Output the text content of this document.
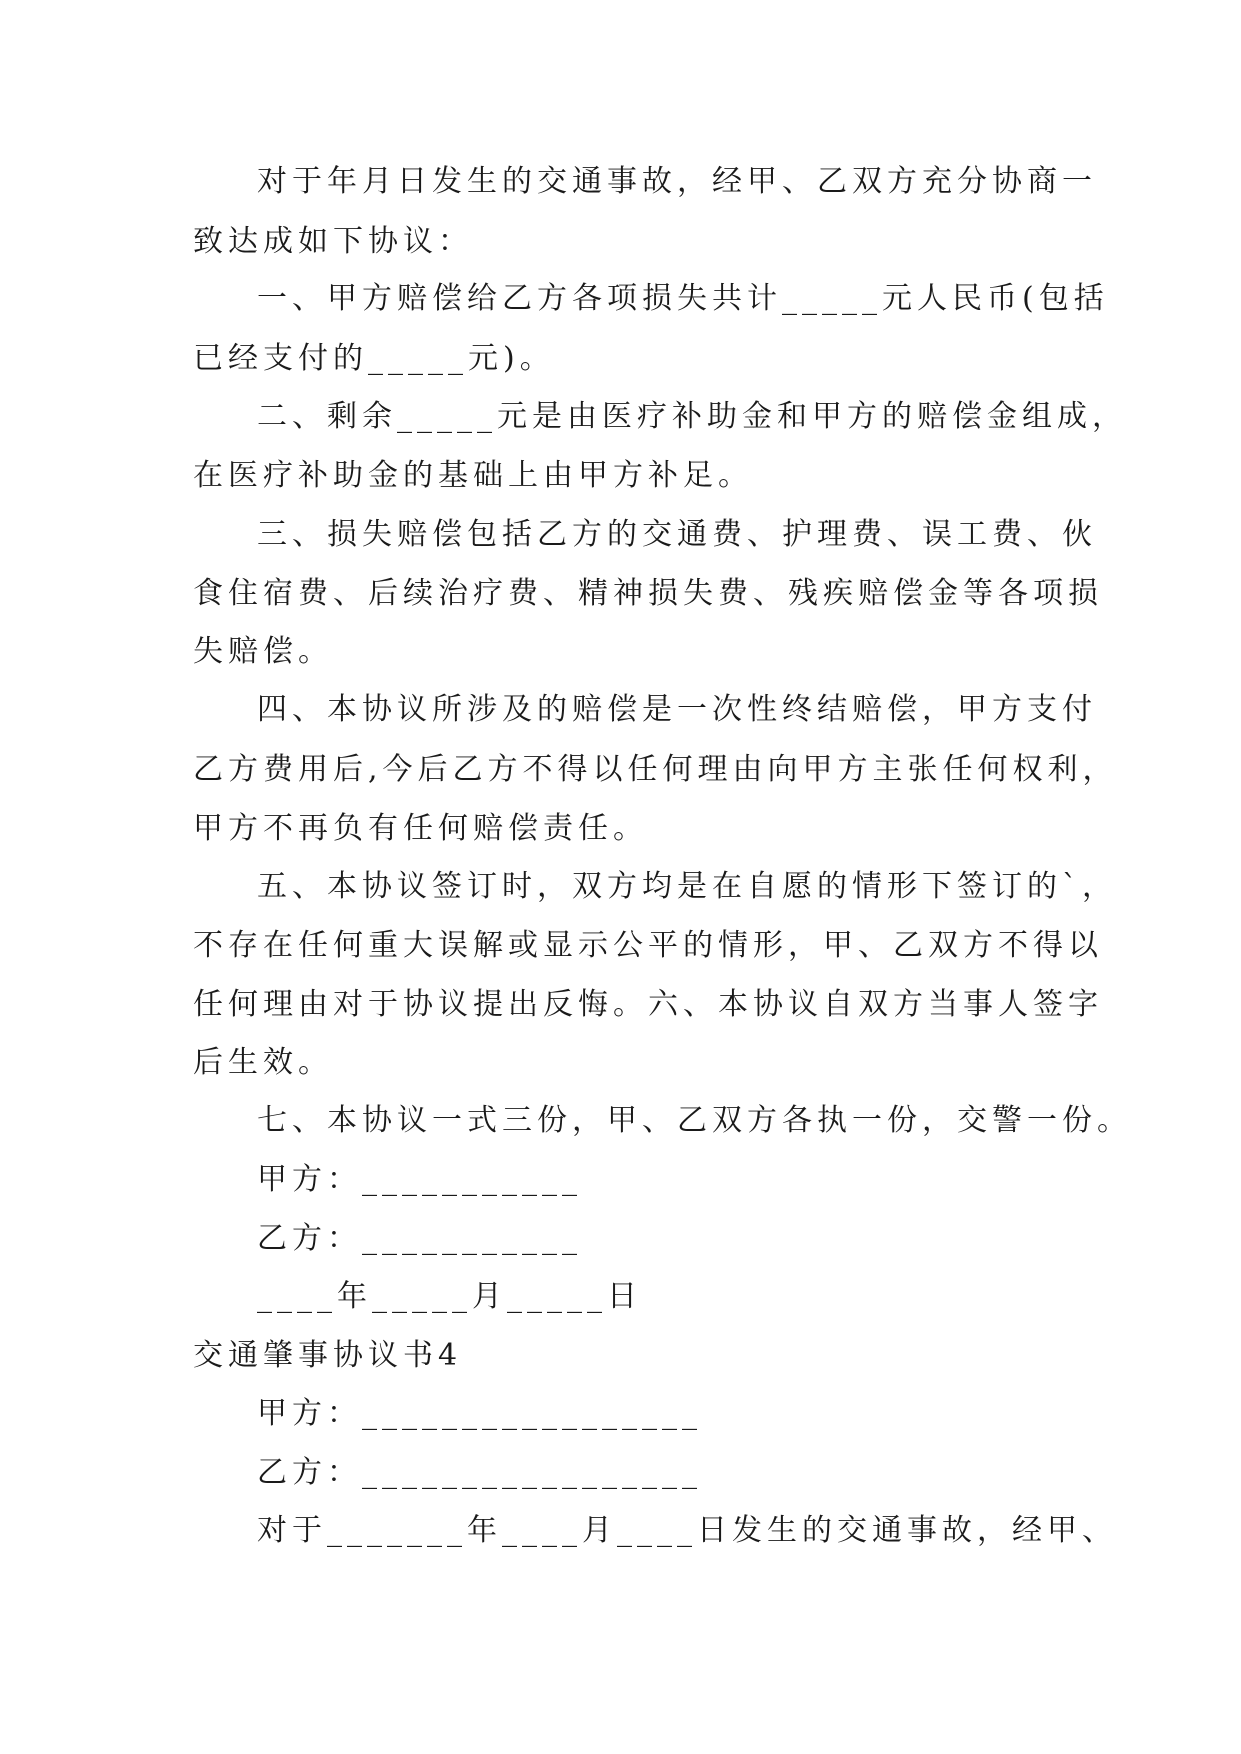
对于年月日发生的交通事故，经甲、乙双方充分协商一
致达成如下协议：
一、甲方赔偿给乙方各项损失共计_____元人民币(包括
已经支付的_____元)。
二、剩余_____元是由医疗补助金和甲方的赔偿金组成，
在医疗补助金的基础上由甲方补足。
三、损失赔偿包括乙方的交通费、护理费、误工费、伙
食住宿费、后续治疗费、精神损失费、残疾赔偿金等各项损
失赔偿。
四、本协议所涉及的赔偿是一次性终结赔偿，甲方支付
乙方费用后,今后乙方不得以任何理由向甲方主张任何权利，
甲方不再负有任何赔偿责任。
五、本协议签订时，双方均是在自愿的情形下签订的`，
不存在任何重大误解或显示公平的情形，甲、乙双方不得以
任何理由对于协议提出反悔。六、本协议自双方当事人签字
后生效。
七、本协议一式三份，甲、乙双方各执一份，交警一份。
甲方：___________
乙方：___________
____年_____月_____日
交通肇事协议书4
甲方：_________________
乙方：_________________
对于_______年____月____日发生的交通事故，经甲、
